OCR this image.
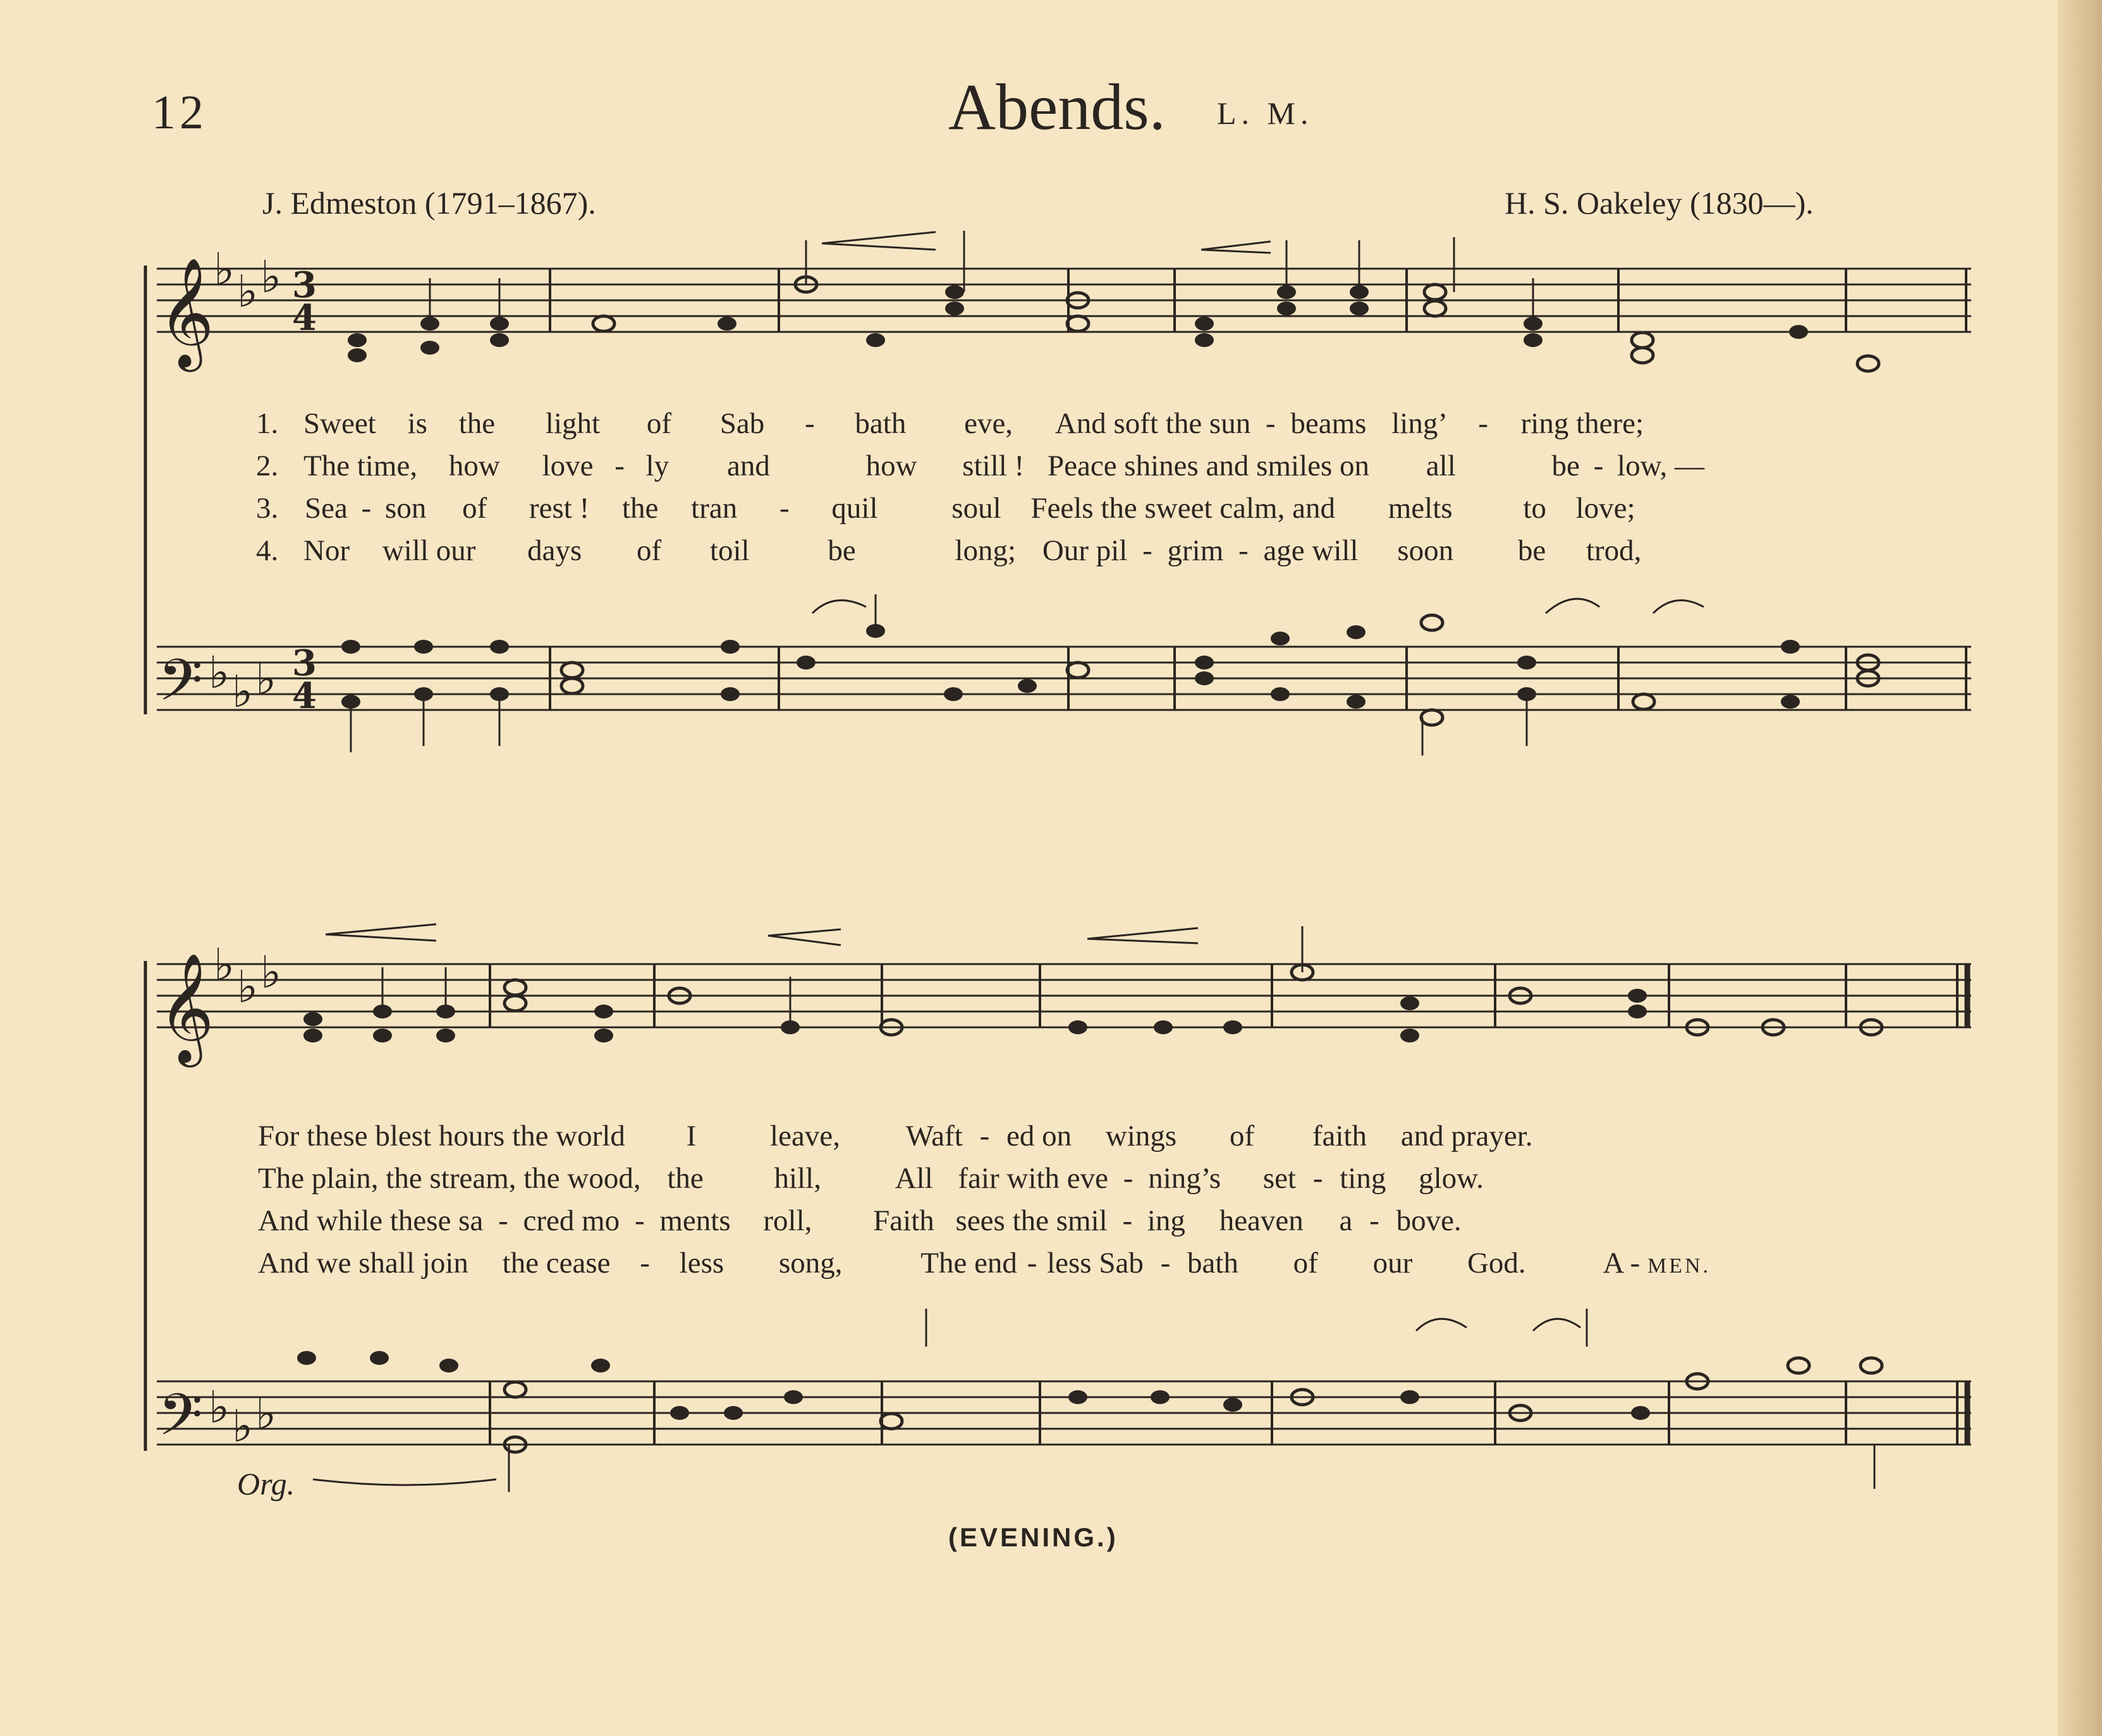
12	Abends. L. M.
J. Edmeston (1791–1867).	H. S. Oakeley (1830—).
𝄞
𝄢
𝄞
𝄢
♭ ♭ ♭
♭ ♭ ♭
♭ ♭ ♭
♭ ♭ ♭
3
4
3
4
1. Sweet is the light of Sab - bath eve, And soft the sun - beams ling’ - ring there;
2. The time, how love - ly and	how still ! Peace shines and smiles on all	be - low, —
3. Sea - son of rest ! the tran - quil soul Feels the sweet calm, and melts to love;
4. Nor will our days of toil	be	long; Our pil - grim - age will soon be trod,
For these blest hours the world I leave, Waft - ed on wings of faith and prayer.
The plain, the stream, the wood, the hill, All fair with eve - ning’s set - ting glow.
And while these sa - cred mo - ments roll, Faith sees the smil - ing heaven a - bove.
And we shall join the cease - less song,	The end - less Sab - bath of our God.	A - MEN.
Org.
(EVENING.)
